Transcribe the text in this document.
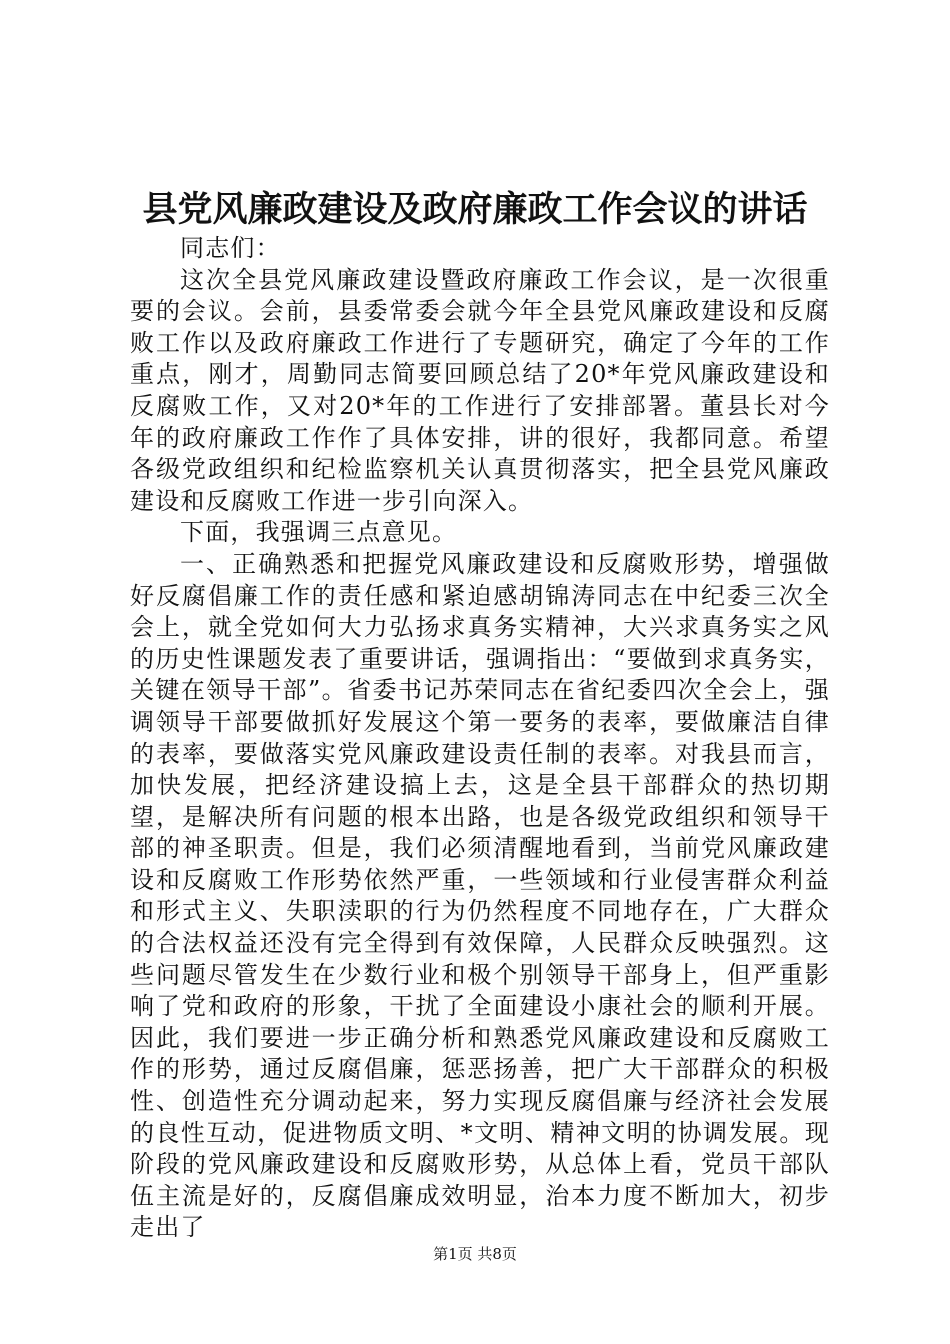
县党风廉政建设及政府廉政工作会议的讲话

同志们：

这次全县党风廉政建设暨政府廉政工作会议，是一次很重要的会议。会前，县委常委会就今年全县党风廉政建设和反腐败工作以及政府廉政工作进行了专题研究，确定了今年的工作重点，刚才，周勤同志简要回顾总结了20*年党风廉政建设和反腐败工作，又对20*年的工作进行了安排部署。董县长对今年的政府廉政工作作了具体安排，讲的很好，我都同意。希望各级党政组织和纪检监察机关认真贯彻落实，把全县党风廉政建设和反腐败工作进一步引向深入。

下面，我强调三点意见。

一、正确熟悉和把握党风廉政建设和反腐败形势，增强做好反腐倡廉工作的责任感和紧迫感胡锦涛同志在中纪委三次全会上，就全党如何大力弘扬求真务实精神，大兴求真务实之风的历史性课题发表了重要讲话，强调指出：“要做到求真务实，关键在领导干部”。省委书记苏荣同志在省纪委四次全会上，强调领导干部要做抓好发展这个第一要务的表率，要做廉洁自律的表率，要做落实党风廉政建设责任制的表率。对我县而言，加快发展，把经济建设搞上去，这是全县干部群众的热切期望，是解决所有问题的根本出路，也是各级党政组织和领导干部的神圣职责。但是，我们必须清醒地看到，当前党风廉政建设和反腐败工作形势依然严重，一些领域和行业侵害群众利益和形式主义、失职渎职的行为仍然程度不同地存在，广大群众的合法权益还没有完全得到有效保障，人民群众反映强烈。这些问题尽管发生在少数行业和极个别领导干部身上，但严重影响了党和政府的形象，干扰了全面建设小康社会的顺利开展。因此，我们要进一步正确分析和熟悉党风廉政建设和反腐败工作的形势，通过反腐倡廉，惩恶扬善，把广大干部群众的积极性、创造性充分调动起来，努力实现反腐倡廉与经济社会发展的良性互动，促进物质文明、*文明、精神文明的协调发展。现阶段的党风廉政建设和反腐败形势，从总体上看，党员干部队伍主流是好的，反腐倡廉成效明显，治本力度不断加大，初步走出了

第1页 共8页
